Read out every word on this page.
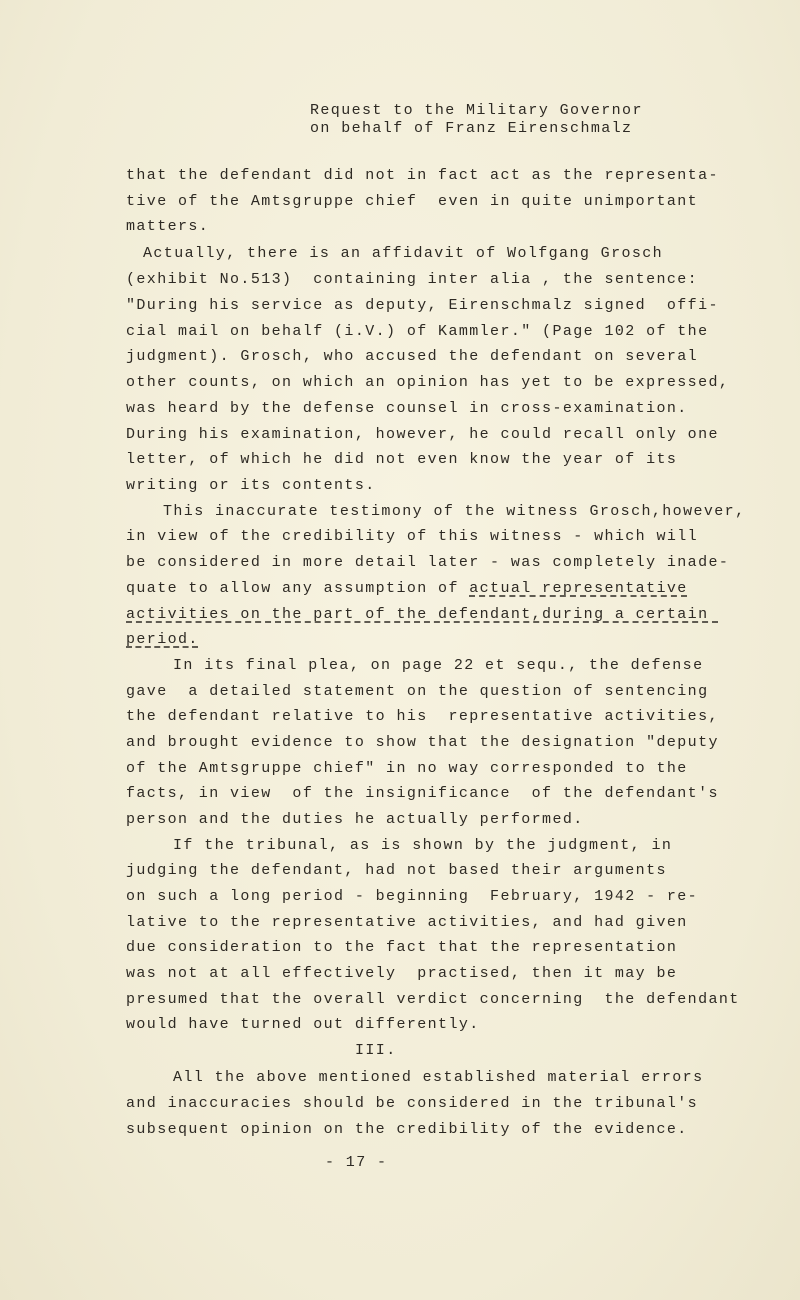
Request to the Military Governor
on behalf of Franz Eirenschmalz
that the defendant did not in fact act as the representa-
tive of the Amtsgruppe chief  even in quite unimportant
matters.
Actually, there is an affidavit of Wolfgang Grosch
(exhibit No.513)  containing inter alia , the sentence:
"During his service as deputy, Eirenschmalz signed  offi-
cial mail on behalf (i.V.) of Kammler." (Page 102 of the
judgment). Grosch, who accused the defendant on several
other counts, on which an opinion has yet to be expressed,
was heard by the defense counsel in cross-examination.
During his examination, however, he could recall only one
letter, of which he did not even know the year of its
writing or its contents.
This inaccurate testimony of the witness Grosch,however,
in view of the credibility of this witness - which will
be considered in more detail later - was completely inade-
quate to allow any assumption of actual representative
activities on the part of the defendant,during a certain
period.
In its final plea, on page 22 et sequ., the defense
gave  a detailed statement on the question of sentencing
the defendant relative to his  representative activities,
and brought evidence to show that the designation "deputy
of the Amtsgruppe chief" in no way corresponded to the
facts, in view  of the insignificance  of the defendant's
person and the duties he actually performed.
If the tribunal, as is shown by the judgment, in
judging the defendant, had not based their arguments
on such a long period - beginning  February, 1942 - re-
lative to the representative activities, and had given
due consideration to the fact that the representation
was not at all effectively  practised, then it may be
presumed that the overall verdict concerning  the defendant
would have turned out differently.
III.
All the above mentioned established material errors
and inaccuracies should be considered in the tribunal's
subsequent opinion on the credibility of the evidence.
- 17 -
